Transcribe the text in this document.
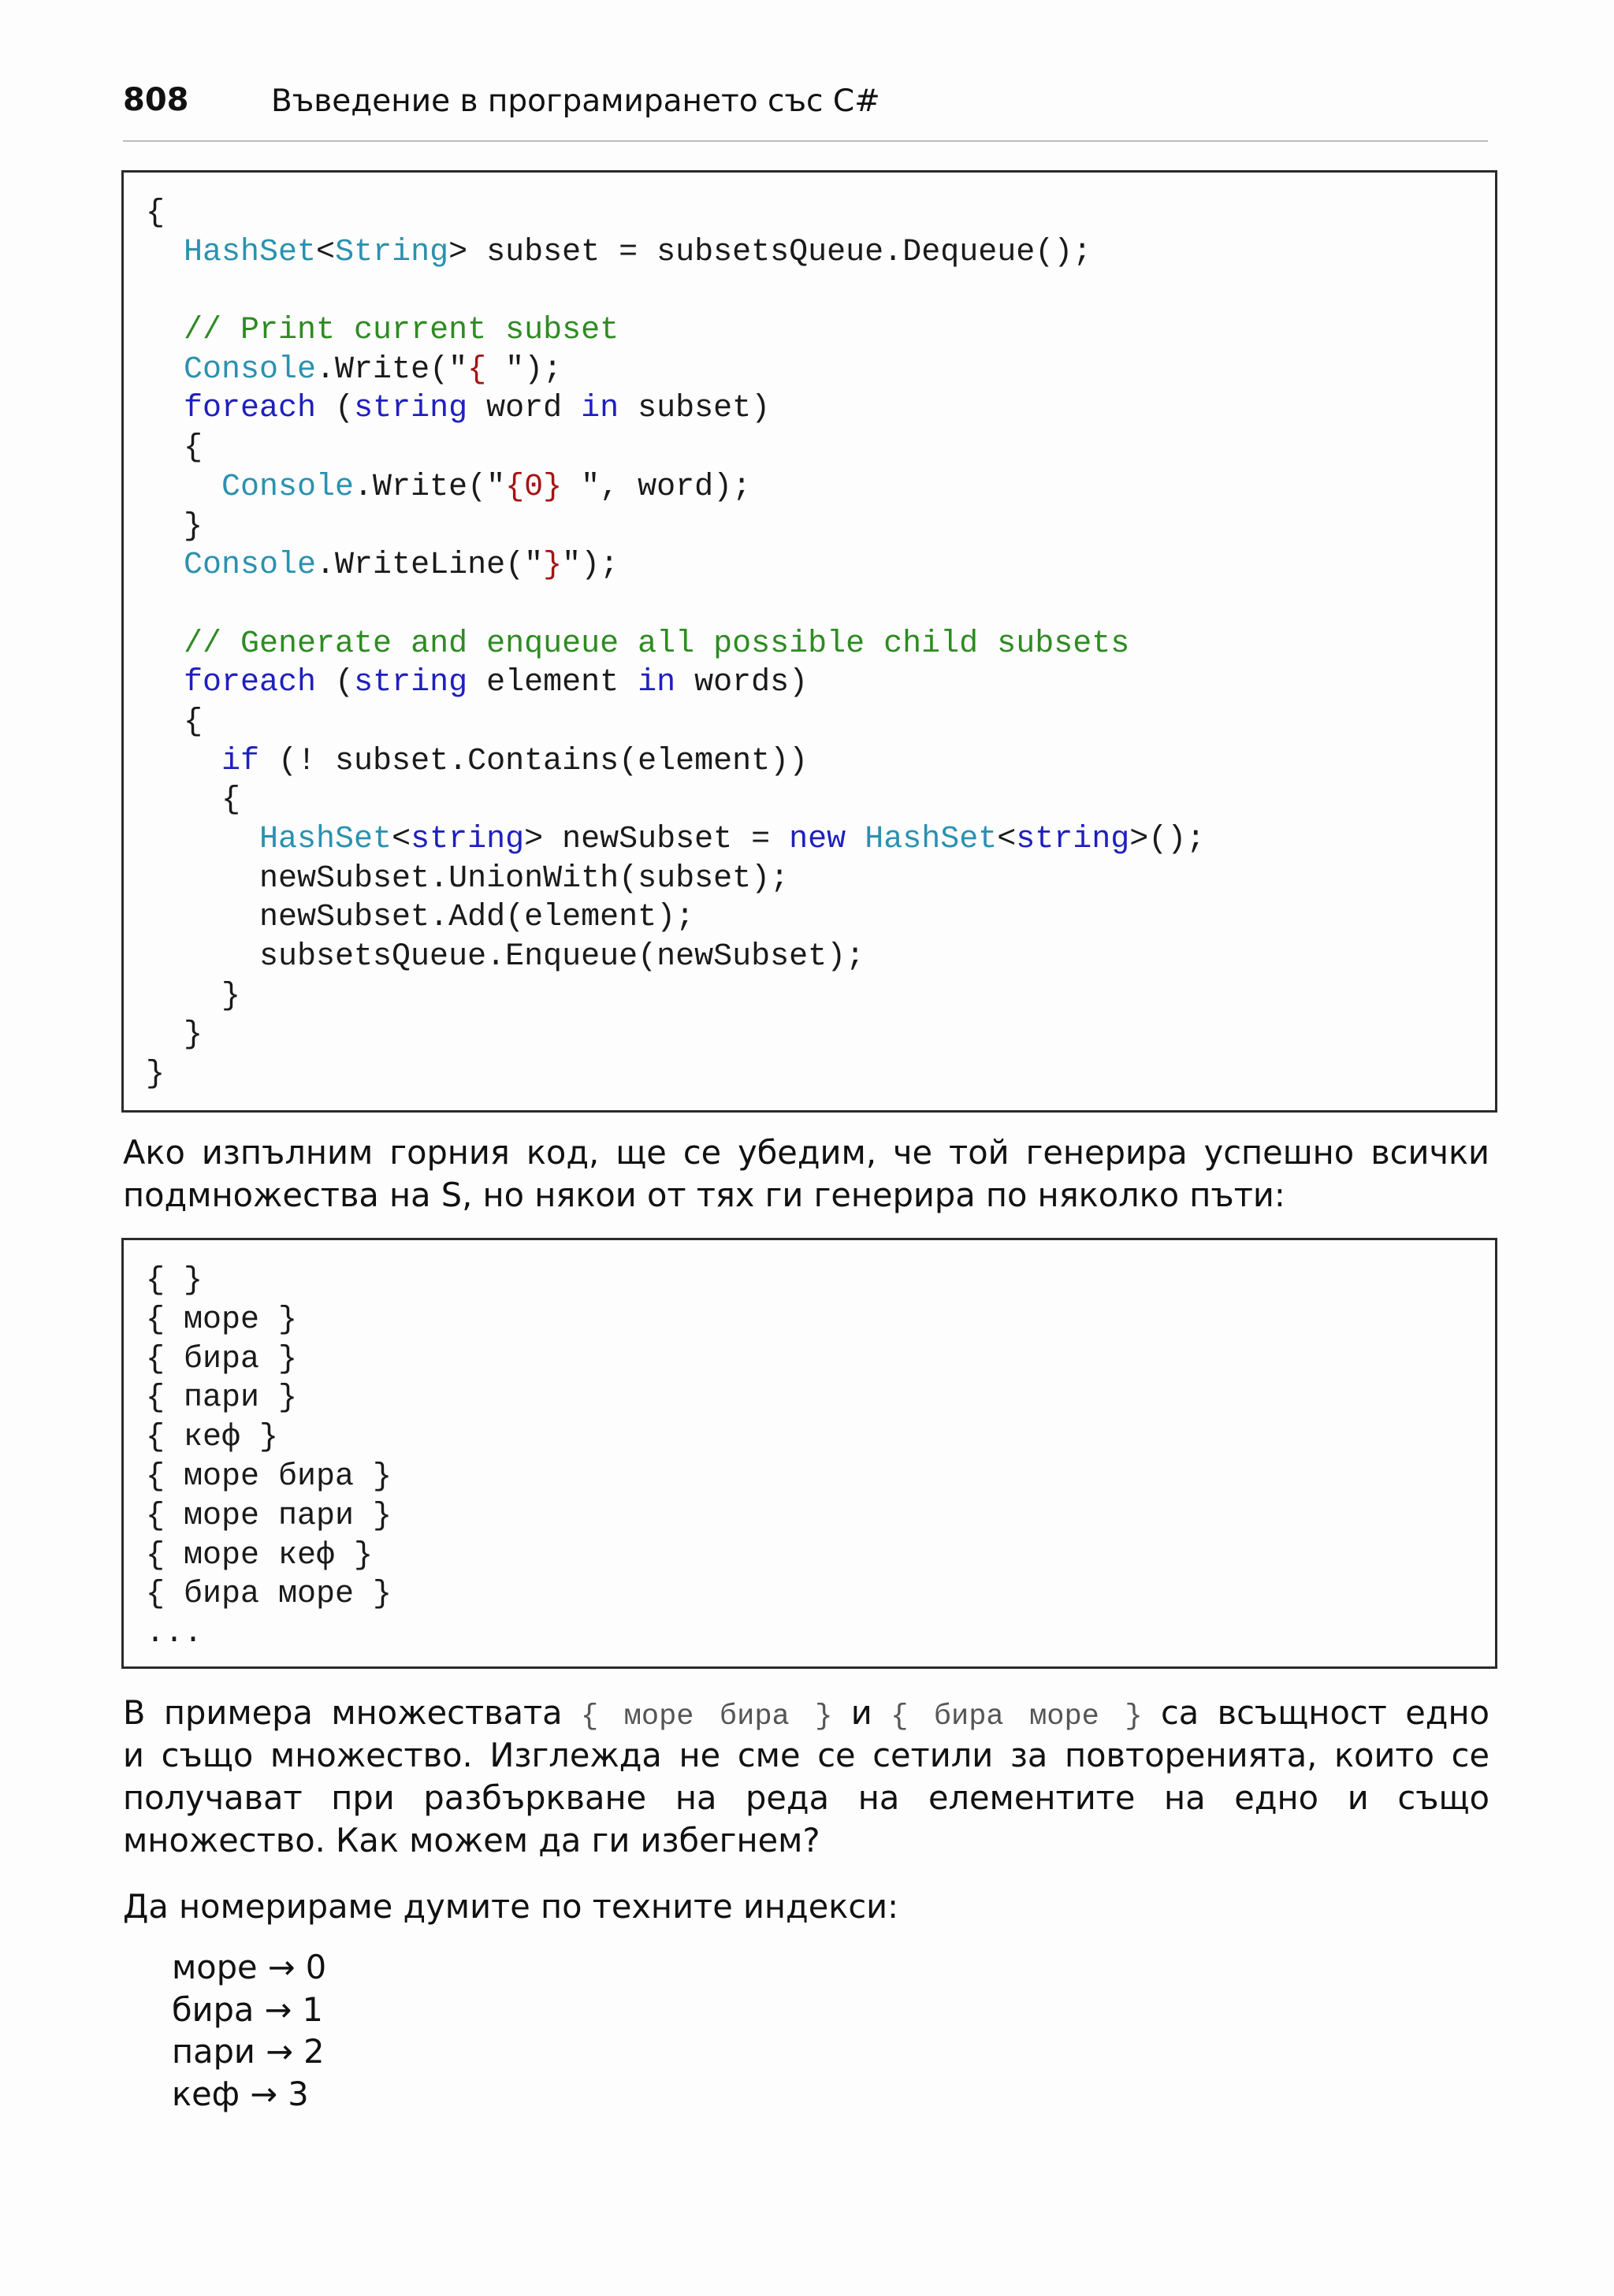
808	Въведение в програмирането със C#
{
HashSet<String> subset = subsetsQueue.Dequeue();

// Print current subset
Console.Write("{ ");
foreach (string word in subset)
{
Console.Write("{0} ", word);
}
Console.WriteLine("}");

// Generate and enqueue all possible child subsets
foreach (string element in words)
{
if (! subset.Contains(element))
{
HashSet<string> newSubset = new HashSet<string>();
newSubset.UnionWith(subset);
newSubset.Add(element);
subsetsQueue.Enqueue(newSubset);
}
}
}

Ако изпълним горния код, ще се убедим, че той генерира успешно всички
подмножества на S, но някои от тях ги генерира по няколко пъти:

{ }
{ море }
{ бира }
{ пари }
{ кеф }
{ море бира }
{ море пари }
{ море кеф }
{ бира море }
...

В примера множествата { море бира } и { бира море } са всъщност едно
и също множество. Изглежда не сме се сетили за повторенията, които се
получават при разбъркване на реда на елементите на едно и също
множество. Как можем да ги избегнем?

Да номерираме думите по техните индекси:

море → 0
бира → 1
пари → 2
кеф → 3
